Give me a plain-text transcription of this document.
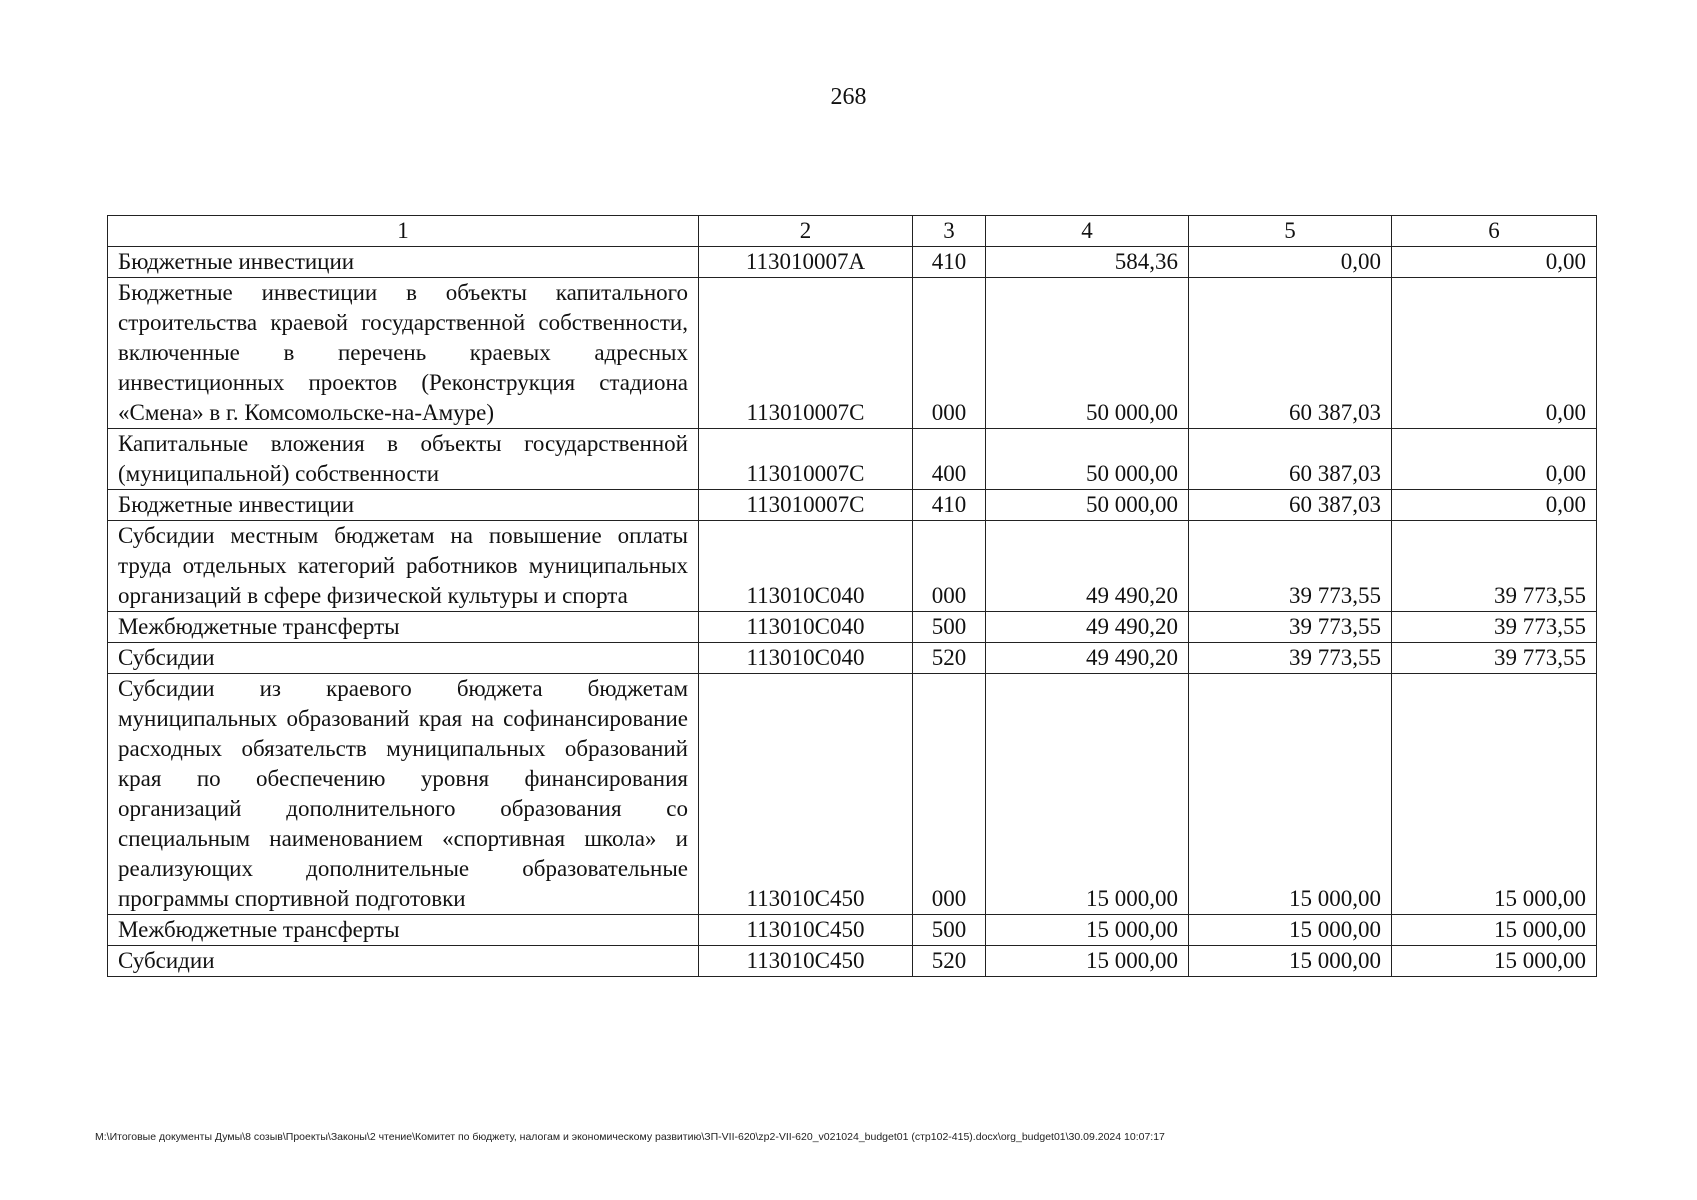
268
1	2	3	4	5	6
Бюджетные инвестиции	113010007А	410	584,36	0,00	0,00
Бюджетные инвестиции в объекты капитального строительства краевой государственной собственности, включенные в перечень краевых адресных инвестиционных проектов (Реконструкция стадиона «Смена» в г. Комсомольске-на-Амуре)	113010007С	000	50 000,00	60 387,03	0,00
Капитальные вложения в объекты государственной (муниципальной) собственности	113010007С	400	50 000,00	60 387,03	0,00
Бюджетные инвестиции	113010007С	410	50 000,00	60 387,03	0,00
Субсидии местным бюджетам на повышение оплаты труда отдельных категорий работников муниципальных организаций в сфере физической культуры и спорта	113010С040	000	49 490,20	39 773,55	39 773,55
Межбюджетные трансферты	113010С040	500	49 490,20	39 773,55	39 773,55
Субсидии	113010С040	520	49 490,20	39 773,55	39 773,55
Субсидии из краевого бюджета бюджетам муниципальных образований края на софинансирование расходных обязательств муниципальных образований края по обеспечению уровня финансирования организаций дополнительного образования со специальным наименованием «спортивная школа» и реализующих дополнительные образовательные программы спортивной подготовки	113010С450	000	15 000,00	15 000,00	15 000,00
Межбюджетные трансферты	113010С450	500	15 000,00	15 000,00	15 000,00
Субсидии	113010С450	520	15 000,00	15 000,00	15 000,00
M:\Итоговые документы Думы\8 созыв\Проекты\Законы\2 чтение\Комитет по бюджету, налогам и экономическому развитию\ЗП-VII-620\zp2-VII-620_v021024_budget01 (стр102-415).docx\org_budget01\30.09.2024 10:07:17
